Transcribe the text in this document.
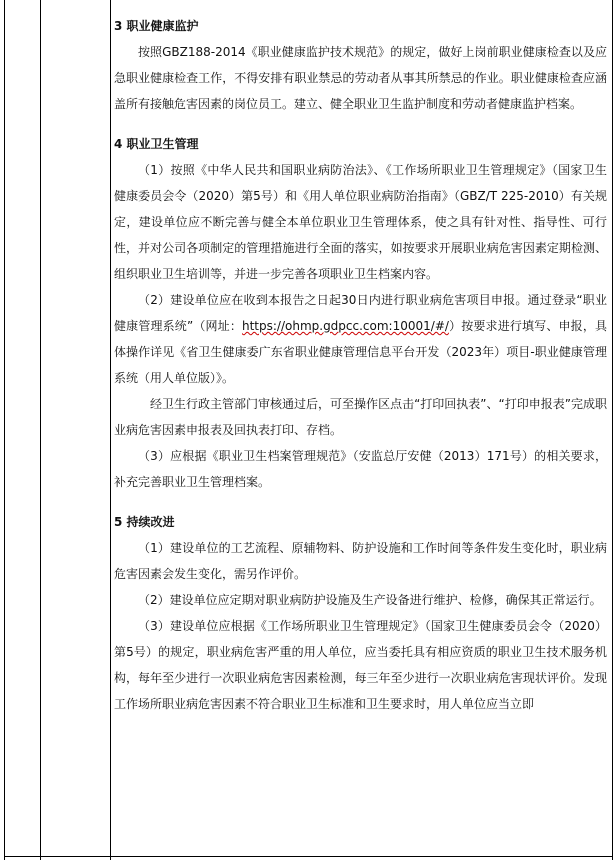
3 职业健康监护

按照GBZ188-2014《职业健康监护技术规范》的规定，做好上岗前职业健康检查以及应急职业健康检查工作，不得安排有职业禁忌的劳动者从事其所禁忌的作业。职业健康检查应涵盖所有接触危害因素的岗位员工。建立、健全职业卫生监护制度和劳动者健康监护档案。

4 职业卫生管理

（1）按照《中华人民共和国职业病防治法》、《工作场所职业卫生管理规定》（国家卫生健康委员会令（2020）第5号）和《用人单位职业病防治指南》（GBZ/T 225-2010）有关规定，建设单位应不断完善与健全本单位职业卫生管理体系，使之具有针对性、指导性、可行性，并对公司各项制定的管理措施进行全面的落实，如按要求开展职业病危害因素定期检测、组织职业卫生培训等，并进一步完善各项职业卫生档案内容。

（2）建设单位应在收到本报告之日起30日内进行职业病危害项目申报。通过登录“职业健康管理系统”（网址：https://ohmp.gdpcc.com:10001/#/）按要求进行填写、申报，具体操作详见《省卫生健康委广东省职业健康管理信息平台开发（2023年）项目-职业健康管理系统（用人单位版）》。

经卫生行政主管部门审核通过后，可至操作区点击“打印回执表”、“打印申报表”完成职业病危害因素申报表及回执表打印、存档。

（3）应根据《职业卫生档案管理规范》（安监总厅安健（2013）171号）的相关要求，补充完善职业卫生管理档案。

5 持续改进

（1）建设单位的工艺流程、原辅物料、防护设施和工作时间等条件发生变化时，职业病危害因素会发生变化，需另作评价。

（2）建设单位应定期对职业病防护设施及生产设备进行维护、检修，确保其正常运行。

（3）建设单位应根据《工作场所职业卫生管理规定》（国家卫生健康委员会令（2020）第5号）的规定，职业病危害严重的用人单位，应当委托具有相应资质的职业卫生技术服务机构，每年至少进行一次职业病危害因素检测，每三年至少进行一次职业病危害现状评价。发现工作场所职业病危害因素不符合职业卫生标准和卫生要求时，用人单位应当立即
